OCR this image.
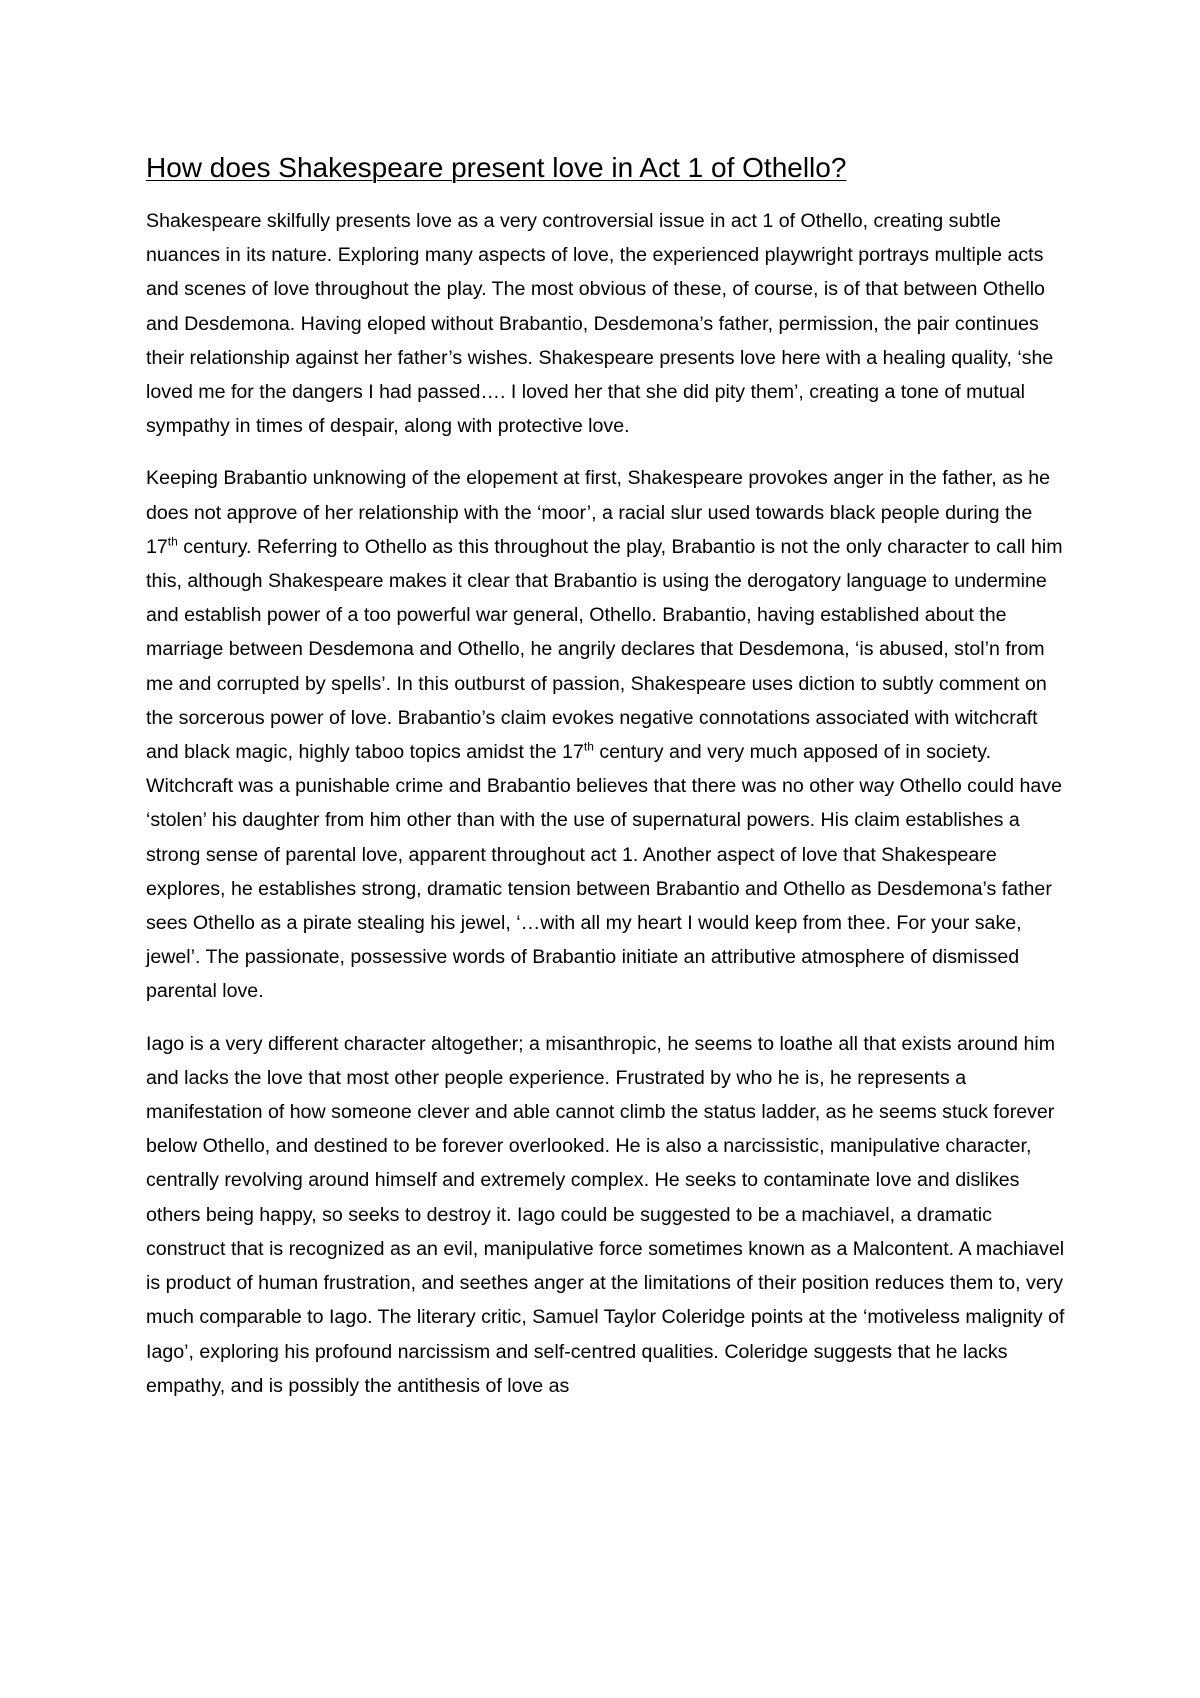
How does Shakespeare present love in Act 1 of Othello?

Shakespeare skilfully presents love as a very controversial issue in act 1 of Othello, creating subtle nuances in its nature. Exploring many aspects of love, the experienced playwright portrays multiple acts and scenes of love throughout the play. The most obvious of these, of course, is of that between Othello and Desdemona. Having eloped without Brabantio, Desdemona’s father, permission, the pair continues their relationship against her father’s wishes. Shakespeare presents love here with a healing quality, ‘she loved me for the dangers I had passed…. I loved her that she did pity them’, creating a tone of mutual sympathy in times of despair, along with protective love.

Keeping Brabantio unknowing of the elopement at first, Shakespeare provokes anger in the father, as he does not approve of her relationship with the ‘moor’, a racial slur used towards black people during the 17th century. Referring to Othello as this throughout the play, Brabantio is not the only character to call him this, although Shakespeare makes it clear that Brabantio is using the derogatory language to undermine and establish power of a too powerful war general, Othello. Brabantio, having established about the marriage between Desdemona and Othello, he angrily declares that Desdemona, ‘is abused, stol’n from me and corrupted by spells’. In this outburst of passion, Shakespeare uses diction to subtly comment on the sorcerous power of love. Brabantio’s claim evokes negative connotations associated with witchcraft and black magic, highly taboo topics amidst the 17th century and very much apposed of in society. Witchcraft was a punishable crime and Brabantio believes that there was no other way Othello could have ‘stolen’ his daughter from him other than with the use of supernatural powers. His claim establishes a strong sense of parental love, apparent throughout act 1. Another aspect of love that Shakespeare explores, he establishes strong, dramatic tension between Brabantio and Othello as Desdemona’s father sees Othello as a pirate stealing his jewel, ‘…with all my heart I would keep from thee. For your sake, jewel’. The passionate, possessive words of Brabantio initiate an attributive atmosphere of dismissed parental love.

Iago is a very different character altogether; a misanthropic, he seems to loathe all that exists around him and lacks the love that most other people experience. Frustrated by who he is, he represents a manifestation of how someone clever and able cannot climb the status ladder, as he seems stuck forever below Othello, and destined to be forever overlooked. He is also a narcissistic, manipulative character, centrally revolving around himself and extremely complex. He seeks to contaminate love and dislikes others being happy, so seeks to destroy it. Iago could be suggested to be a machiavel, a dramatic construct that is recognized as an evil, manipulative force sometimes known as a Malcontent. A machiavel is product of human frustration, and seethes anger at the limitations of their position reduces them to, very much comparable to Iago. The literary critic, Samuel Taylor Coleridge points at the ‘motiveless malignity of Iago’, exploring his profound narcissism and self-centred qualities. Coleridge suggests that he lacks empathy, and is possibly the antithesis of love as
